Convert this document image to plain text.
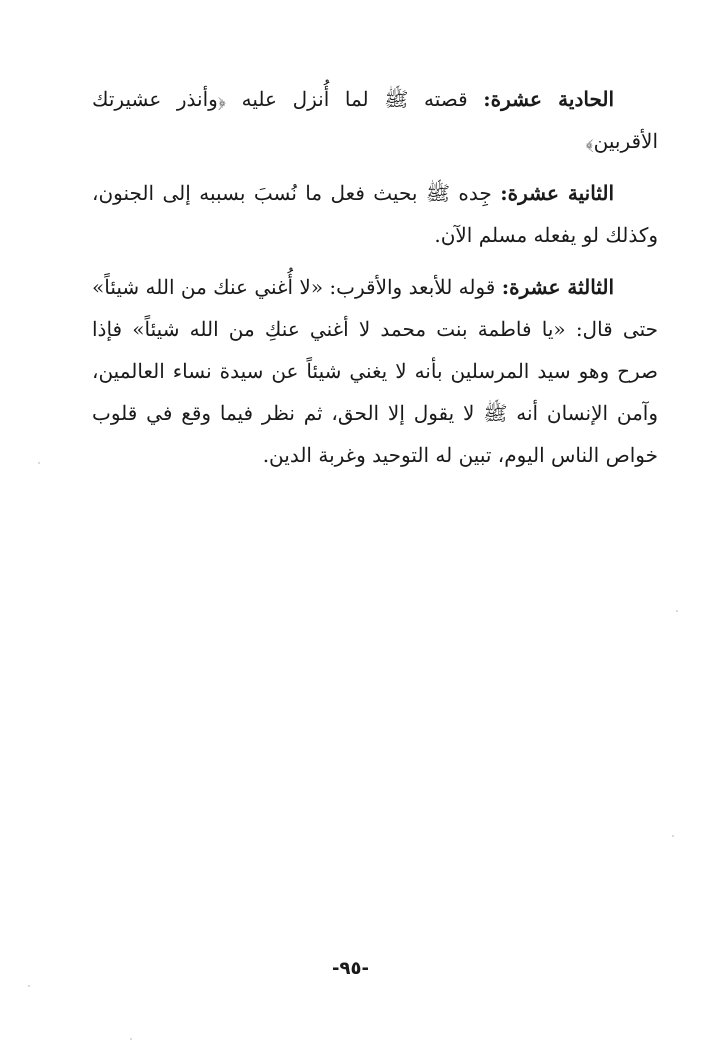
الحادية عشرة: قصته ﷺ لما أُنزل عليه ﴿وأنذر عشيرتك الأقربين﴾

الثانية عشرة: جِده ﷺ بحيث فعل ما نُسبَ بسببه إلى الجنون، وكذلك لو يفعله مسلم الآن.

الثالثة عشرة: قوله للأبعد والأقرب: «لا أُغني عنك من الله شيئاً» حتى قال: «يا فاطمة بنت محمد لا أغني عنكِ من الله شيئاً» فإذا صرح وهو سيد المرسلين بأنه لا يغني شيئاً عن سيدة نساء العالمين، وآمن الإنسان أنه ﷺ لا يقول إلا الحق، ثم نظر فيما وقع في قلوب خواص الناس اليوم، تبين له التوحيد وغربة الدين.

-٩٥-
